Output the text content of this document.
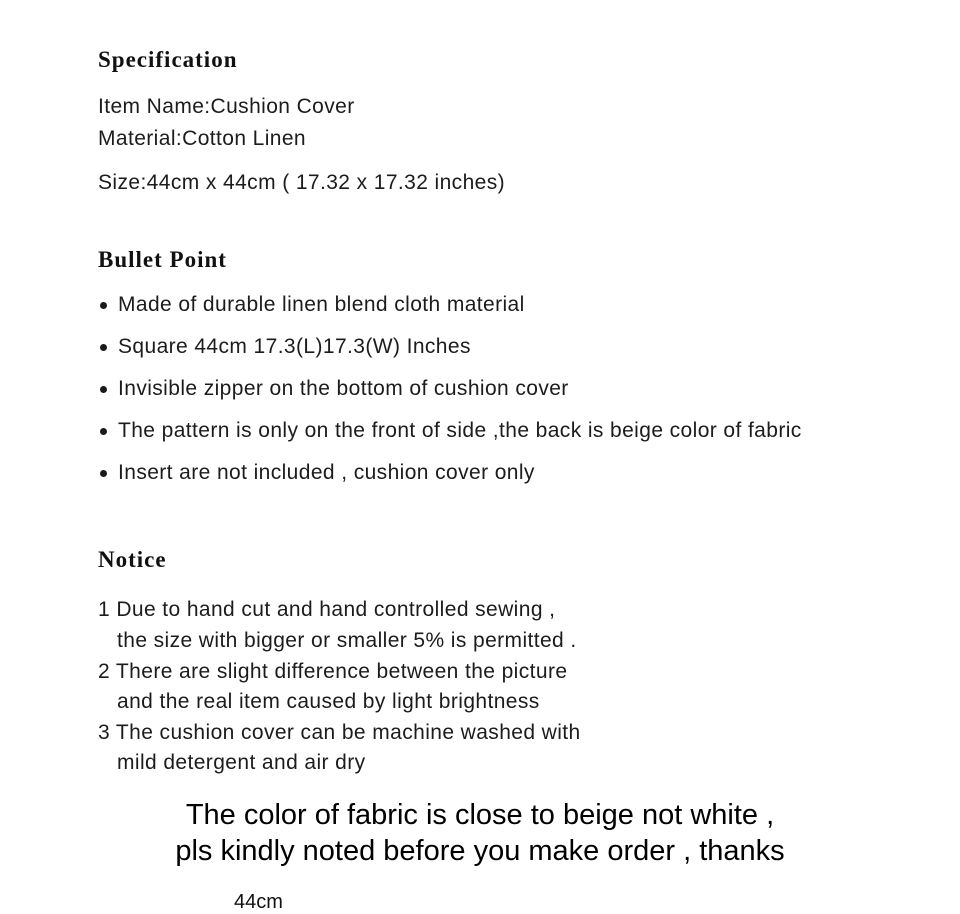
Specification
Item Name:Cushion Cover
Material:Cotton Linen
Size:44cm x 44cm ( 17.32 x 17.32 inches)
Bullet Point
Made of durable linen blend cloth material
Square 44cm 17.3(L)17.3(W) Inches
Invisible zipper on the bottom of cushion cover
The pattern is only on the front of side ,the back is beige color of fabric
Insert are not included , cushion cover only
Notice
1 Due to hand cut and hand controlled sewing ,
the size with bigger or smaller 5% is permitted .
2 There are slight difference between the picture
and the real item caused by light brightness
3 The cushion cover can be machine washed with
mild detergent and air dry
The color of fabric is close to beige not white ,
pls kindly noted before you make order , thanks
44cm
